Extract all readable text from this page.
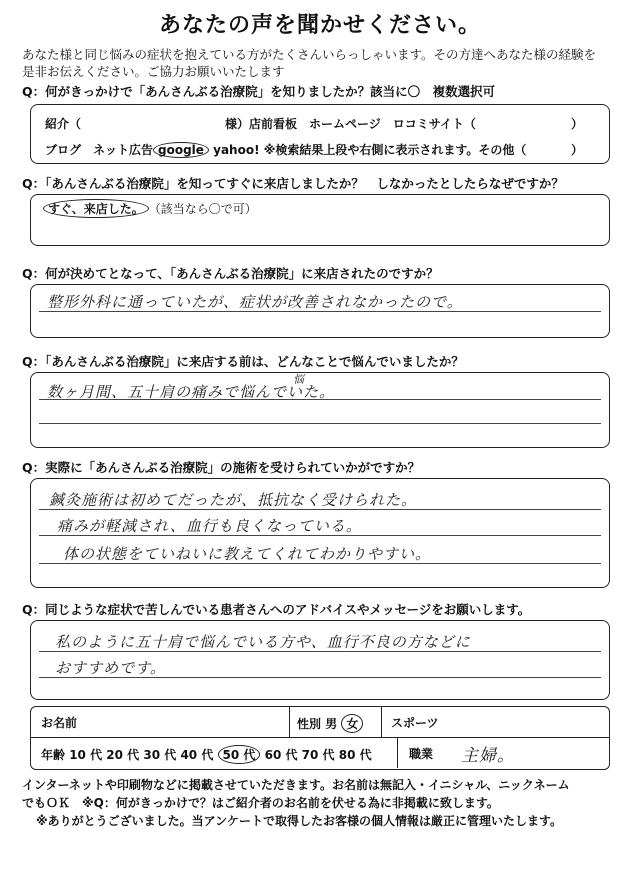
あなたの声を聞かせください。
あなた様と同じ悩みの症状を抱えている方がたくさんいらっしゃいます。その方達へあなた様の経験を
是非お伝えください。ご協力お願いいたします
Q：何がきっかけで「あんさんぶる治療院」を知りましたか？該当に〇　複数選択可
紹介（	様）店前看板　ホームページ　ロコミサイト（	）
ブログ　ネット広告 google yahoo! ※検索結果上段や右側に表示されます。その他（	）
Q：「あんさんぶる治療院」を知ってすぐに来店しましたか？　しなかったとしたらなぜですか？
すぐ、来店した。 （該当なら〇で可）
Q：何が決めてとなって、「あんさんぶる治療院」に来店されたのですか？
整形外科に通っていたが、症状が改善されなかったので。
Q：「あんさんぶる治療院」に来店する前は、どんなことで悩んでいましたか？
悩
数ヶ月間、五十肩の痛みで悩んでいた。
Q：実際に「あんさんぶる治療院」の施術を受けられていかがですか？
鍼灸施術は初めてだったが、抵抗なく受けられた。
痛みが軽減され、血行も良くなっている。
体の状態をていねいに教えてくれてわかりやすい。
Q：同じような症状で苦しんでいる患者さんへのアドバイスやメッセージをお願いします。
私のように五十肩で悩んでいる方や、血行不良の方などに
おすすめです。
お名前	性別 男 女	スポーツ
年齢 10 代 20 代 30 代 40 代 50 代 60 代 70 代 80 代	職業 主婦。
インターネットや印刷物などに掲載させていただきます。お名前は無記入・イニシャル、ニックネーム
でもＯＫ　※Q：何がきっかけで？はご紹介者のお名前を伏せる為に非掲載に致します。
※ありがとうございました。当アンケートで取得したお客様の個人情報は厳正に管理いたします。
